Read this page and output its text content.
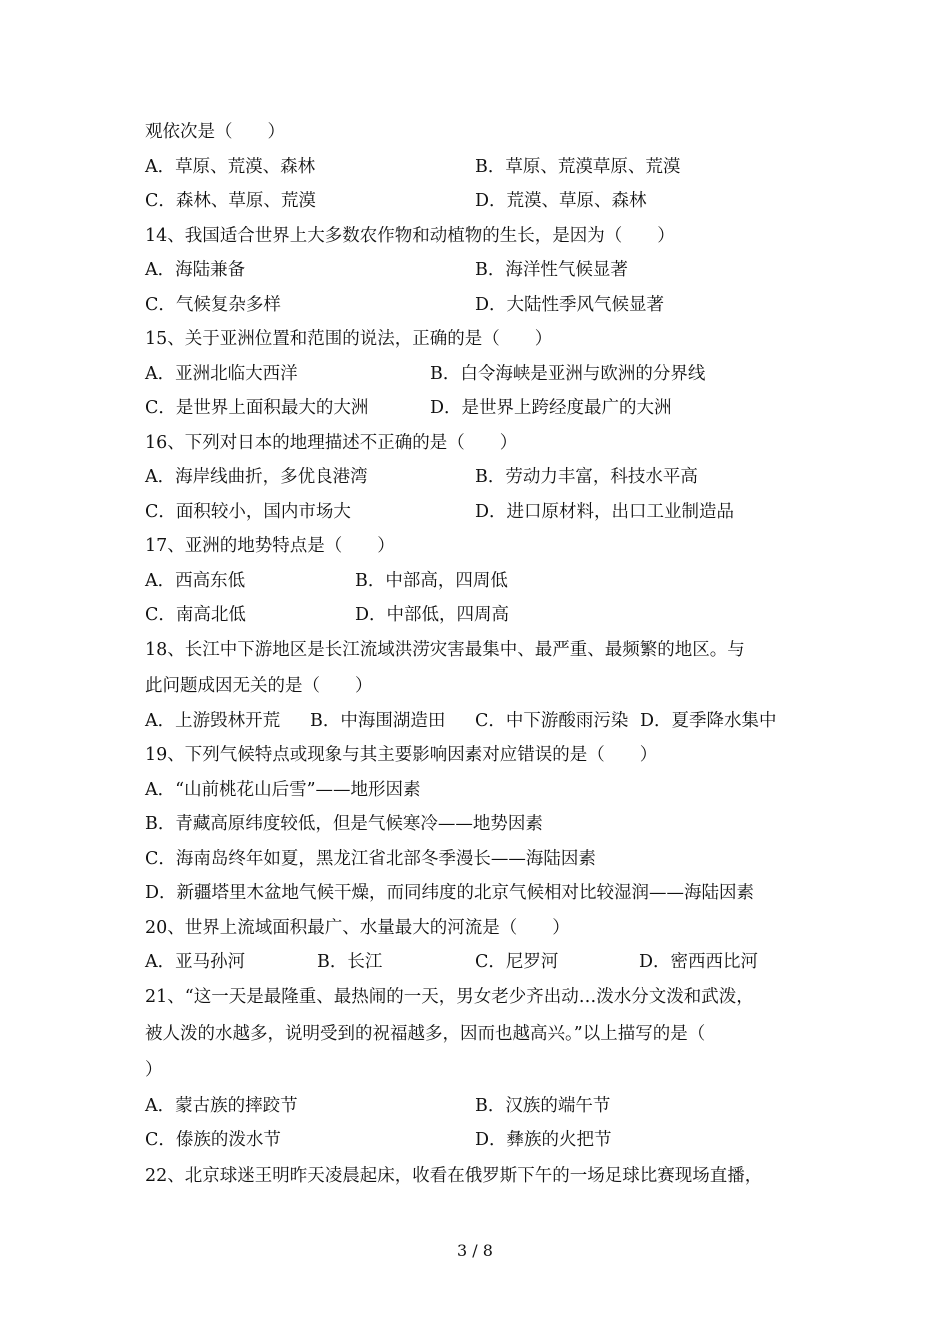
观依次是（　　）
A．草原、荒漠、森林	B．草原、荒漠草原、荒漠
C．森林、草原、荒漠	D．荒漠、草原、森林
14、我国适合世界上大多数农作物和动植物的生长，是因为（　　）
A．海陆兼备	B．海洋性气候显著
C．气候复杂多样	D．大陆性季风气候显著
15、关于亚洲位置和范围的说法，正确的是（　　）
A．亚洲北临大西洋	B．白令海峡是亚洲与欧洲的分界线
C．是世界上面积最大的大洲	D．是世界上跨经度最广的大洲
16、下列对日本的地理描述不正确的是（　　）
A．海岸线曲折，多优良港湾	B．劳动力丰富，科技水平高
C．面积较小，国内市场大	D．进口原材料，出口工业制造品
17、亚洲的地势特点是（　　）
A．西高东低	B．中部高，四周低
C．南高北低	D．中部低，四周高
18、长江中下游地区是长江流域洪涝灾害最集中、最严重、最频繁的地区。与
此问题成因无关的是（　　）
A．上游毁林开荒 B．中海围湖造田 C．中下游酸雨污染 D．夏季降水集中
19、下列气候特点或现象与其主要影响因素对应错误的是（　　）
A．“山前桃花山后雪”——地形因素
B．青藏高原纬度较低，但是气候寒冷——地势因素
C．海南岛终年如夏，黑龙江省北部冬季漫长——海陆因素
D．新疆塔里木盆地气候干燥，而同纬度的北京气候相对比较湿润——海陆因素
20、世界上流域面积最广、水量最大的河流是（　　）
A．亚马孙河	B．长江	C．尼罗河	D．密西西比河
21、“这一天是最隆重、最热闹的一天，男女老少齐出动…泼水分文泼和武泼，
被人泼的水越多，说明受到的祝福越多，因而也越高兴。”以上描写的是（
）
A．蒙古族的摔跤节	B．汉族的端午节
C．傣族的泼水节	D．彝族的火把节
22、北京球迷王明昨天凌晨起床，收看在俄罗斯下午的一场足球比赛现场直播，
3 / 8
